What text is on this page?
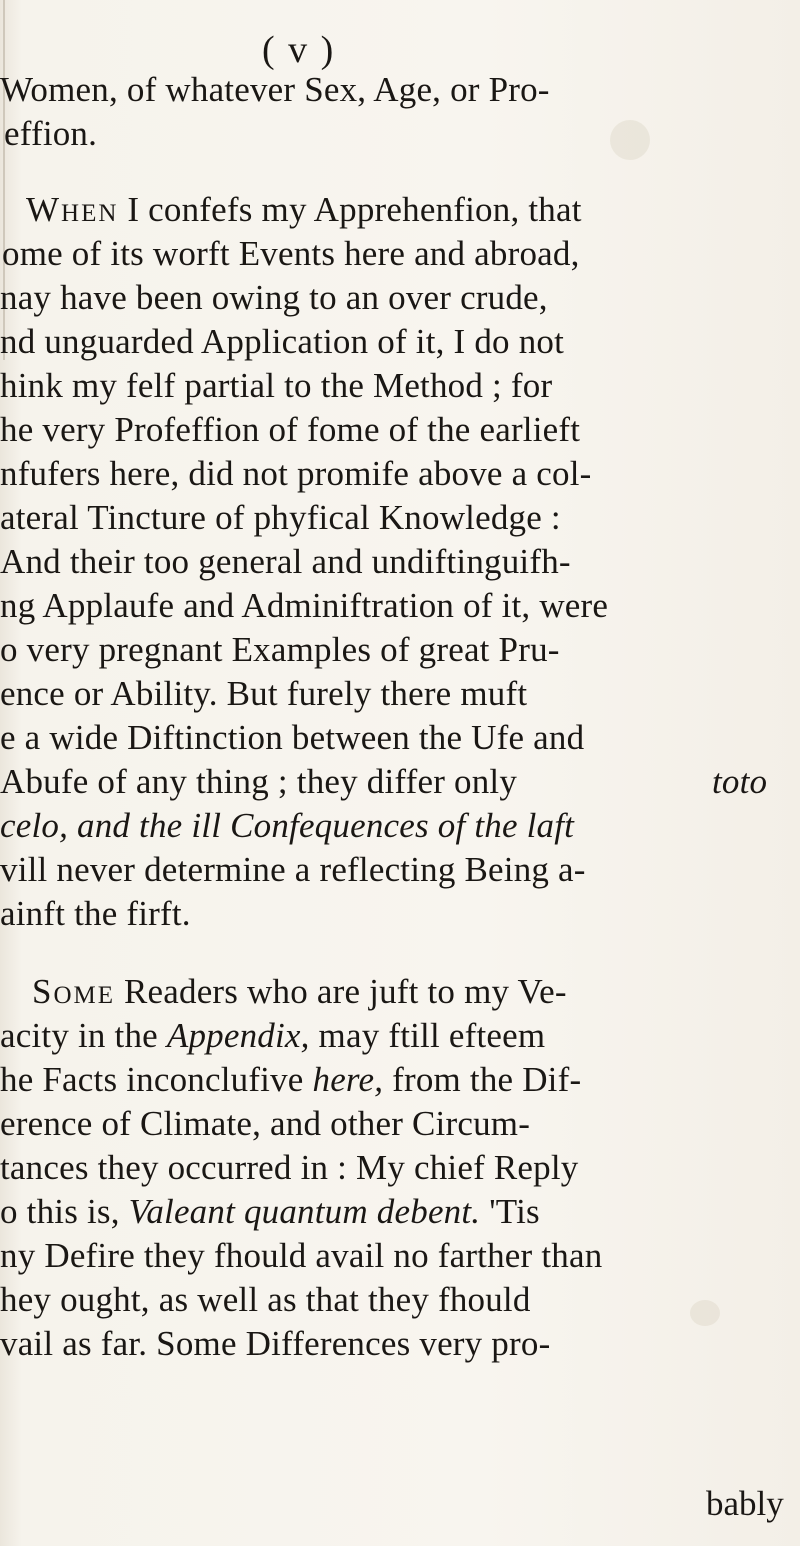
( v )
Women, of whatever Sex, Age, or Pro-
effion.
When I confefs my Apprehenfion, that
ome of its worft Events here and abroad,
nay have been owing to an over crude,
nd unguarded Application of it, I do not
hink my felf partial to the Method ; for
he very Profeffion of fome of the earlieft
nfufers here, did not promife above a col-
ateral Tincture of phyfical Knowledge :
And their too general and undiftinguifh-
ng Applaufe and Adminiftration of it, were
o very pregnant Examples of great Pru-
ence or Ability. But furely there muft
e a wide Diftinction between the Ufe and
Abufe of any thing ; they differ only	toto
celo, and the ill Confequences of the laft
vill never determine a reflecting Being a-
ainft the firft.
Some Readers who are juft to my Ve-
acity in the Appendix, may ftill efteem
he Facts inconclufive here, from the Dif-
erence of Climate, and other Circum-
tances they occurred in : My chief Reply
o this is, Valeant quantum debent. 'Tis
ny Defire they fhould avail no farther than
hey ought, as well as that they fhould
vail as far. Some Differences very pro-
bably
